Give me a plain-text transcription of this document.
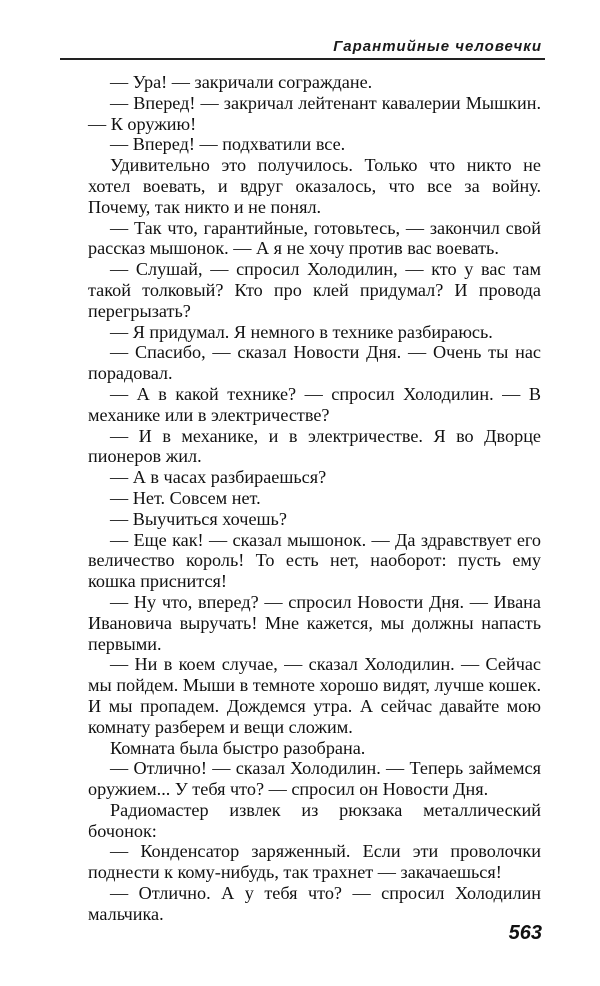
Гарантийные человечки

— Ура! — закричали сограждане.

— Вперед! — закричал лейтенант кавалерии Мышкин. — К оружию!

— Вперед! — подхватили все.

Удивительно это получилось. Только что никто не хотел воевать, и вдруг оказалось, что все за войну. Почему, так никто и не понял.

— Так что, гарантийные, готовьтесь, — закончил свой рассказ мышонок. — А я не хочу против вас воевать.

— Слушай, — спросил Холодилин, — кто у вас там такой толковый? Кто про клей придумал? И провода перегрызать?

— Я придумал. Я немного в технике разбираюсь.

— Спасибо, — сказал Новости Дня. — Очень ты нас порадовал.

— А в какой технике? — спросил Холодилин. — В механике или в электричестве?

— И в механике, и в электричестве. Я во Дворце пионеров жил.

— А в часах разбираешься?

— Нет. Совсем нет.

— Выучиться хочешь?

— Еще как! — сказал мышонок. — Да здравствует его величество король! То есть нет, наоборот: пусть ему кошка приснится!

— Ну что, вперед? — спросил Новости Дня. — Ивана Ивановича выручать! Мне кажется, мы должны напасть первыми.

— Ни в коем случае, — сказал Холодилин. — Сейчас мы пойдем. Мыши в темноте хорошо видят, лучше кошек. И мы пропадем. Дождемся утра. А сейчас давайте мою комнату разберем и вещи сложим.

Комната была быстро разобрана.

— Отлично! — сказал Холодилин. — Теперь займемся оружием... У тебя что? — спросил он Новости Дня.

Радиомастер извлек из рюкзака металлический бочонок:

— Конденсатор заряженный. Если эти проволочки поднести к кому-нибудь, так трахнет — закачаешься!

— Отлично. А у тебя что? — спросил Холодилин мальчика.

563
